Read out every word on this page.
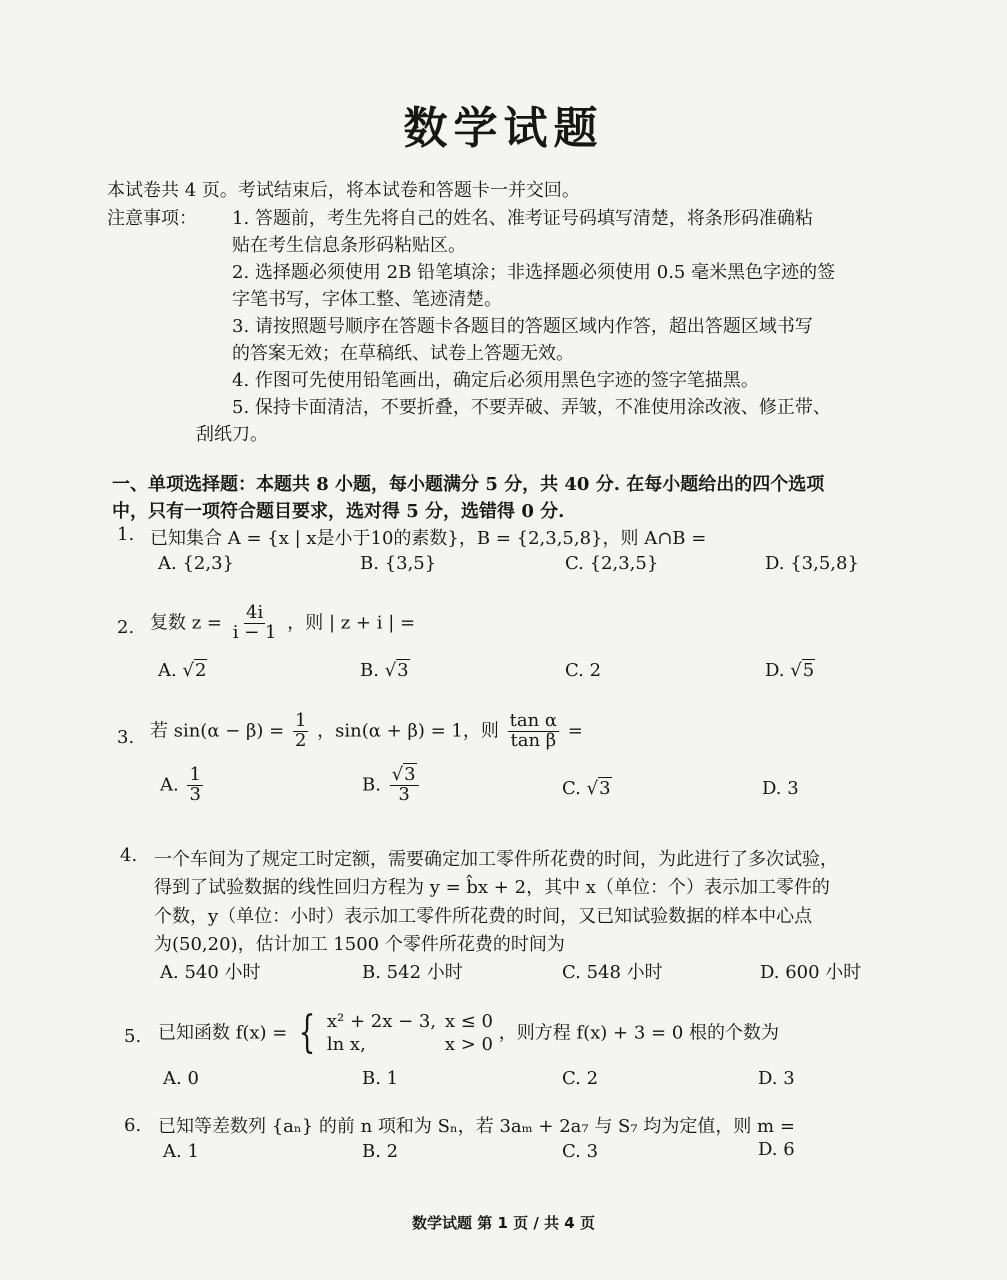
数学试题
本试卷共 4 页。考试结束后，将本试卷和答题卡一并交回。
注意事项： 1. 答题前，考生先将自己的姓名、准考证号码填写清楚，将条形码准确粘
贴在考生信息条形码粘贴区。
2. 选择题必须使用 2B 铅笔填涂；非选择题必须使用 0.5 毫米黑色字迹的签
字笔书写，字体工整、笔迹清楚。
3. 请按照题号顺序在答题卡各题目的答题区域内作答，超出答题区域书写
的答案无效；在草稿纸、试卷上答题无效。
4. 作图可先使用铅笔画出，确定后必须用黑色字迹的签字笔描黑。
5. 保持卡面清洁，不要折叠，不要弄破、弄皱，不准使用涂改液、修正带、
刮纸刀。
一、单项选择题：本题共 8 小题，每小题满分 5 分，共 40 分. 在每小题给出的四个选项
中，只有一项符合题目要求，选对得 5 分，选错得 0 分.
1. 已知集合 A = {x | x是小于10的素数}，B = {2,3,5,8}，则 A∩B =
A. {2,3}	B. {3,5}	C. {2,3,5}	D. {3,5,8}
2. 复数 $z = \frac{4i}{i - 1}$ ，则 | z + i | =
A. √2	B. √3	C. 2	D. √5
3. 若 $\sin(\alpha - \beta) = \frac{1}{2}$ ，sin(α + β) = 1，则 $\frac{\text{tan α}}{\text{tan β}}$ =
A. $\frac{1}{3}$	B. $\frac{√3}{3}$	C. √3	D. 3
4. 一个车间为了规定工时定额，需要确定加工零件所花费的时间，为此进行了多次试验，
得到了试验数据的线性回归方程为 y = b̂x + 2，其中 x（单位：个）表示加工零件的
个数，y（单位：小时）表示加工零件所花费的时间，又已知试验数据的样本中心点
为(50,20)，估计加工 1500 个零件所花费的时间为
A. 540 小时	B. 542 小时	C. 548 小时	D. 600 小时
5. 已知函数 f(x) = { x² + 2x − 3, x ≤ 0
ln x,	x > 0
，则方程 f(x) + 3 = 0 根的个数为
A. 0	B. 1	C. 2	D. 3
6. 已知等差数列 {aₙ} 的前 n 项和为 Sₙ，若 3aₘ + 2a₇ 与 S₇ 均为定值，则 m =
A. 1	B. 2	C. 3	D. 6
数学试题 第 1 页 / 共 4 页
